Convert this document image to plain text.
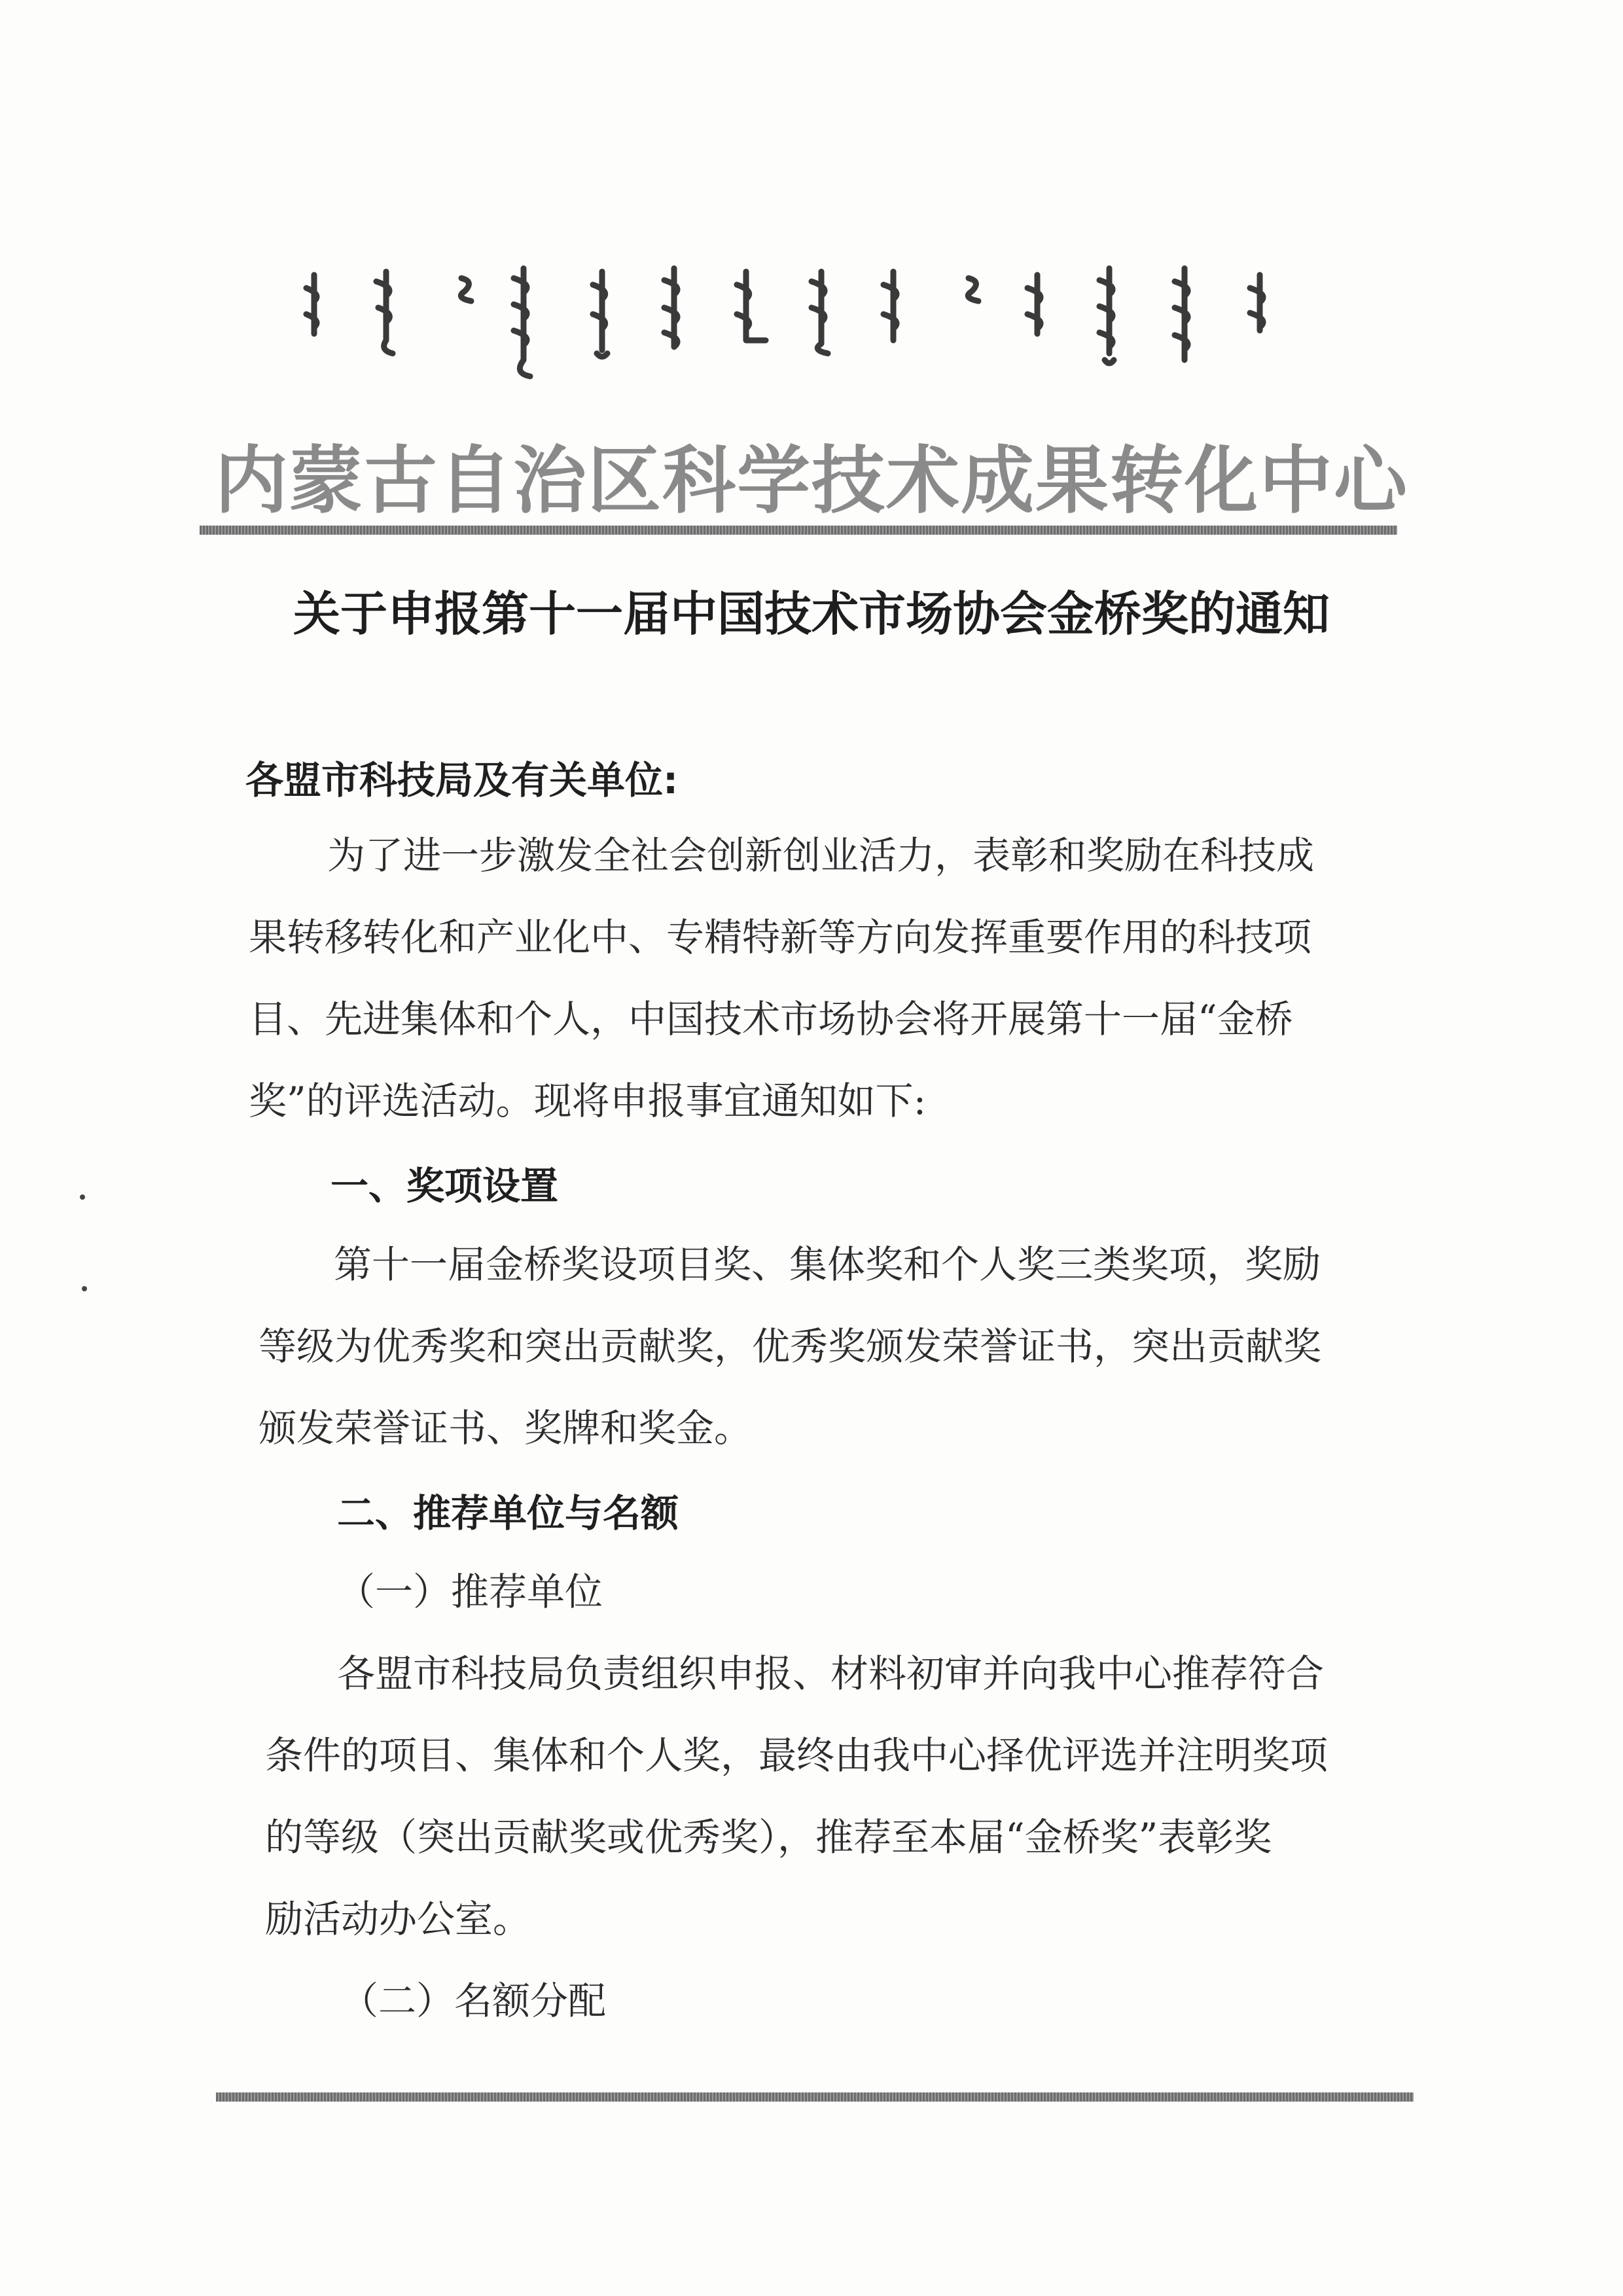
内蒙古自治区科学技术成果转化中心
关于申报第十一届中国技术市场协会金桥奖的通知
各盟市科技局及有关单位:
为了进一步激发全社会创新创业活力，表彰和奖励在科技成
果转移转化和产业化中、专精特新等方向发挥重要作用的科技项
目、先进集体和个人，中国技术市场协会将开展第十一届“金桥
奖”的评选活动。现将申报事宜通知如下:
一、奖项设置
第十一届金桥奖设项目奖、集体奖和个人奖三类奖项，奖励
等级为优秀奖和突出贡献奖，优秀奖颁发荣誉证书，突出贡献奖
颁发荣誉证书、奖牌和奖金。
二、推荐单位与名额
（一）推荐单位
各盟市科技局负责组织申报、材料初审并向我中心推荐符合
条件的项目、集体和个人奖，最终由我中心择优评选并注明奖项
的等级（突出贡献奖或优秀奖），推荐至本届“金桥奖”表彰奖
励活动办公室。
（二）名额分配
